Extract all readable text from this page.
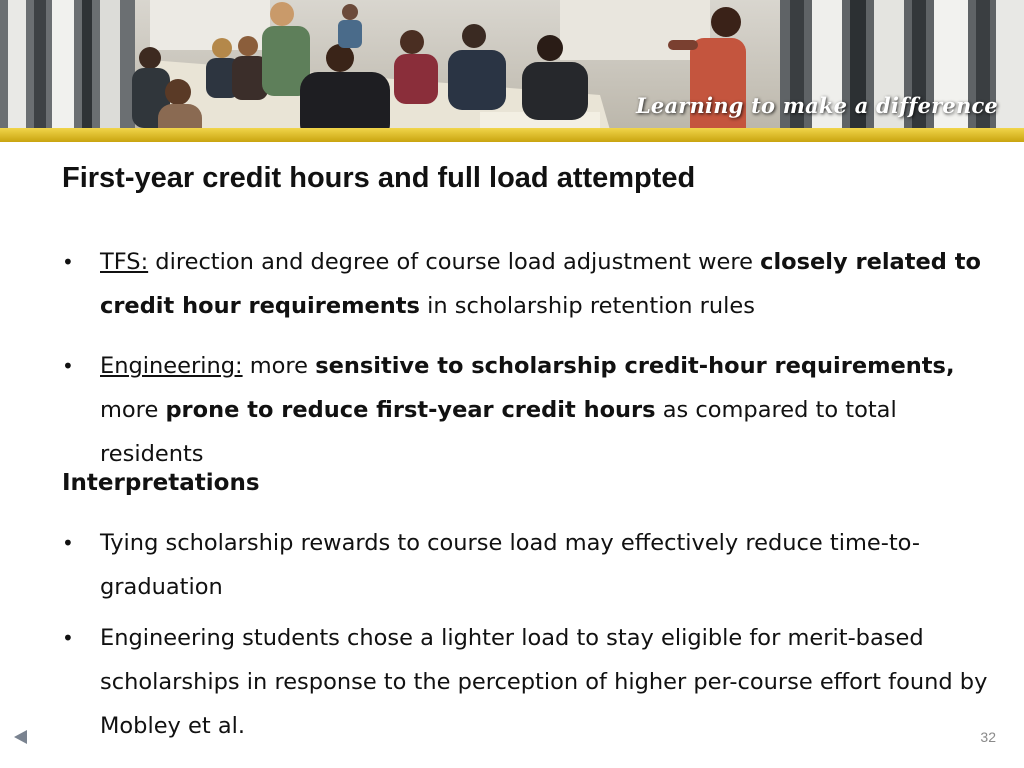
Learning to make a difference
First-year credit hours and full load attempted
• TFS: direction and degree of course load adjustment were closely related to credit hour requirements in scholarship retention rules
• Engineering: more sensitive to scholarship credit-hour requirements, more prone to reduce first-year credit hours as compared to total residents
Interpretations
• Tying scholarship rewards to course load may effectively reduce time-to-graduation
• Engineering students chose a lighter load to stay eligible for merit-based scholarships in response to the perception of higher per-course effort found by Mobley et al.	32
